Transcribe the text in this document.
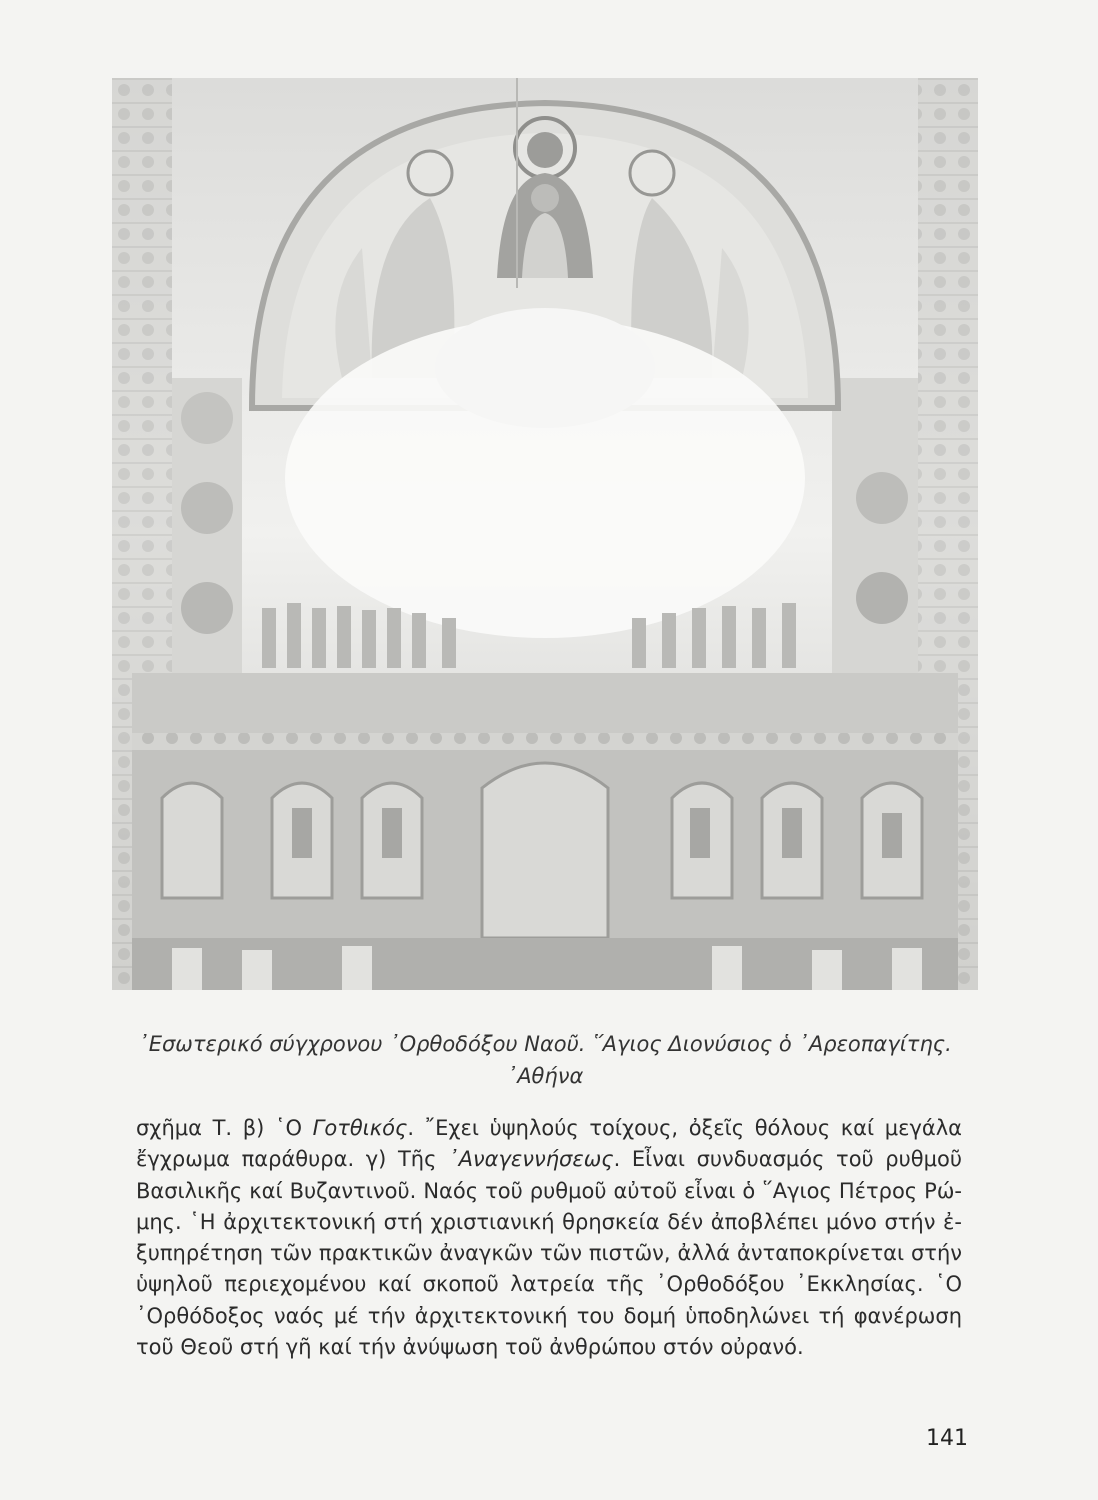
᾿Εσωτερικό σύγχρονου ᾿Ορθοδόξου Ναοῦ. ῞Αγιος Διονύσιος ὁ ᾿Αρεοπαγίτης.
᾿Αθήνα
σχῆμα Τ. β) ῾Ο Γοτθικός. ῎Εχει ὑψηλούς τοίχους, ὀξεῖς θόλους καί μεγάλα
ἔγχρωμα παράθυρα. γ) Τῆς ᾿Αναγεννήσεως. Εἶναι συνδυασμός τοῦ ρυθμοῦ
Βασιλικῆς καί Βυζαντινοῦ. Ναός τοῦ ρυθμοῦ αὐτοῦ εἶναι ὁ ῞Αγιος Πέτρος Ρώ-
μης. ῾Η ἀρχιτεκτονική στή χριστιανική θρησκεία δέν ἀποβλέπει μόνο στήν ἐ-
ξυπηρέτηση τῶν πρακτικῶν ἀναγκῶν τῶν πιστῶν, ἀλλά ἀνταποκρίνεται στήν
ὑψηλοῦ περιεχομένου καί σκοποῦ λατρεία τῆς ᾿Ορθοδόξου ᾿Εκκλησίας. ῾Ο
᾿Ορθόδοξος ναός μέ τήν ἀρχιτεκτονική του δομή ὑποδηλώνει τή φανέρωση
τοῦ Θεοῦ στή γῆ καί τήν ἀνύψωση τοῦ ἀνθρώπου στόν οὐρανό.
141
